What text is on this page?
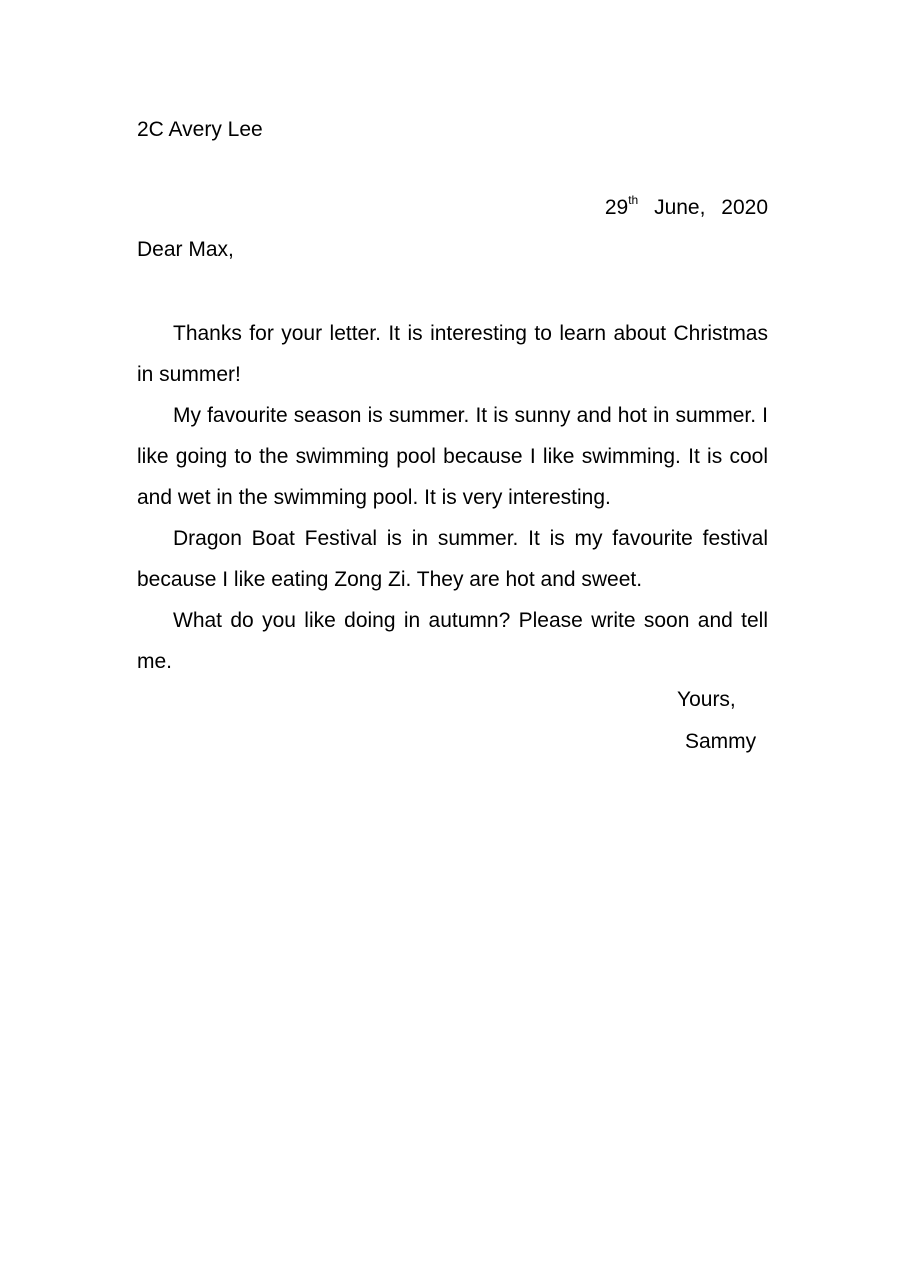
2C Avery Lee
29th June, 2020
Dear Max,

Thanks for your letter. It is interesting to learn about Christmas in summer!

My favourite season is summer. It is sunny and hot in summer. I like going to the swimming pool because I like swimming. It is cool and wet in the swimming pool. It is very interesting.

Dragon Boat Festival is in summer. It is my favourite festival because I like eating Zong Zi. They are hot and sweet.

What do you like doing in autumn? Please write soon and tell me.

Yours,
Sammy
